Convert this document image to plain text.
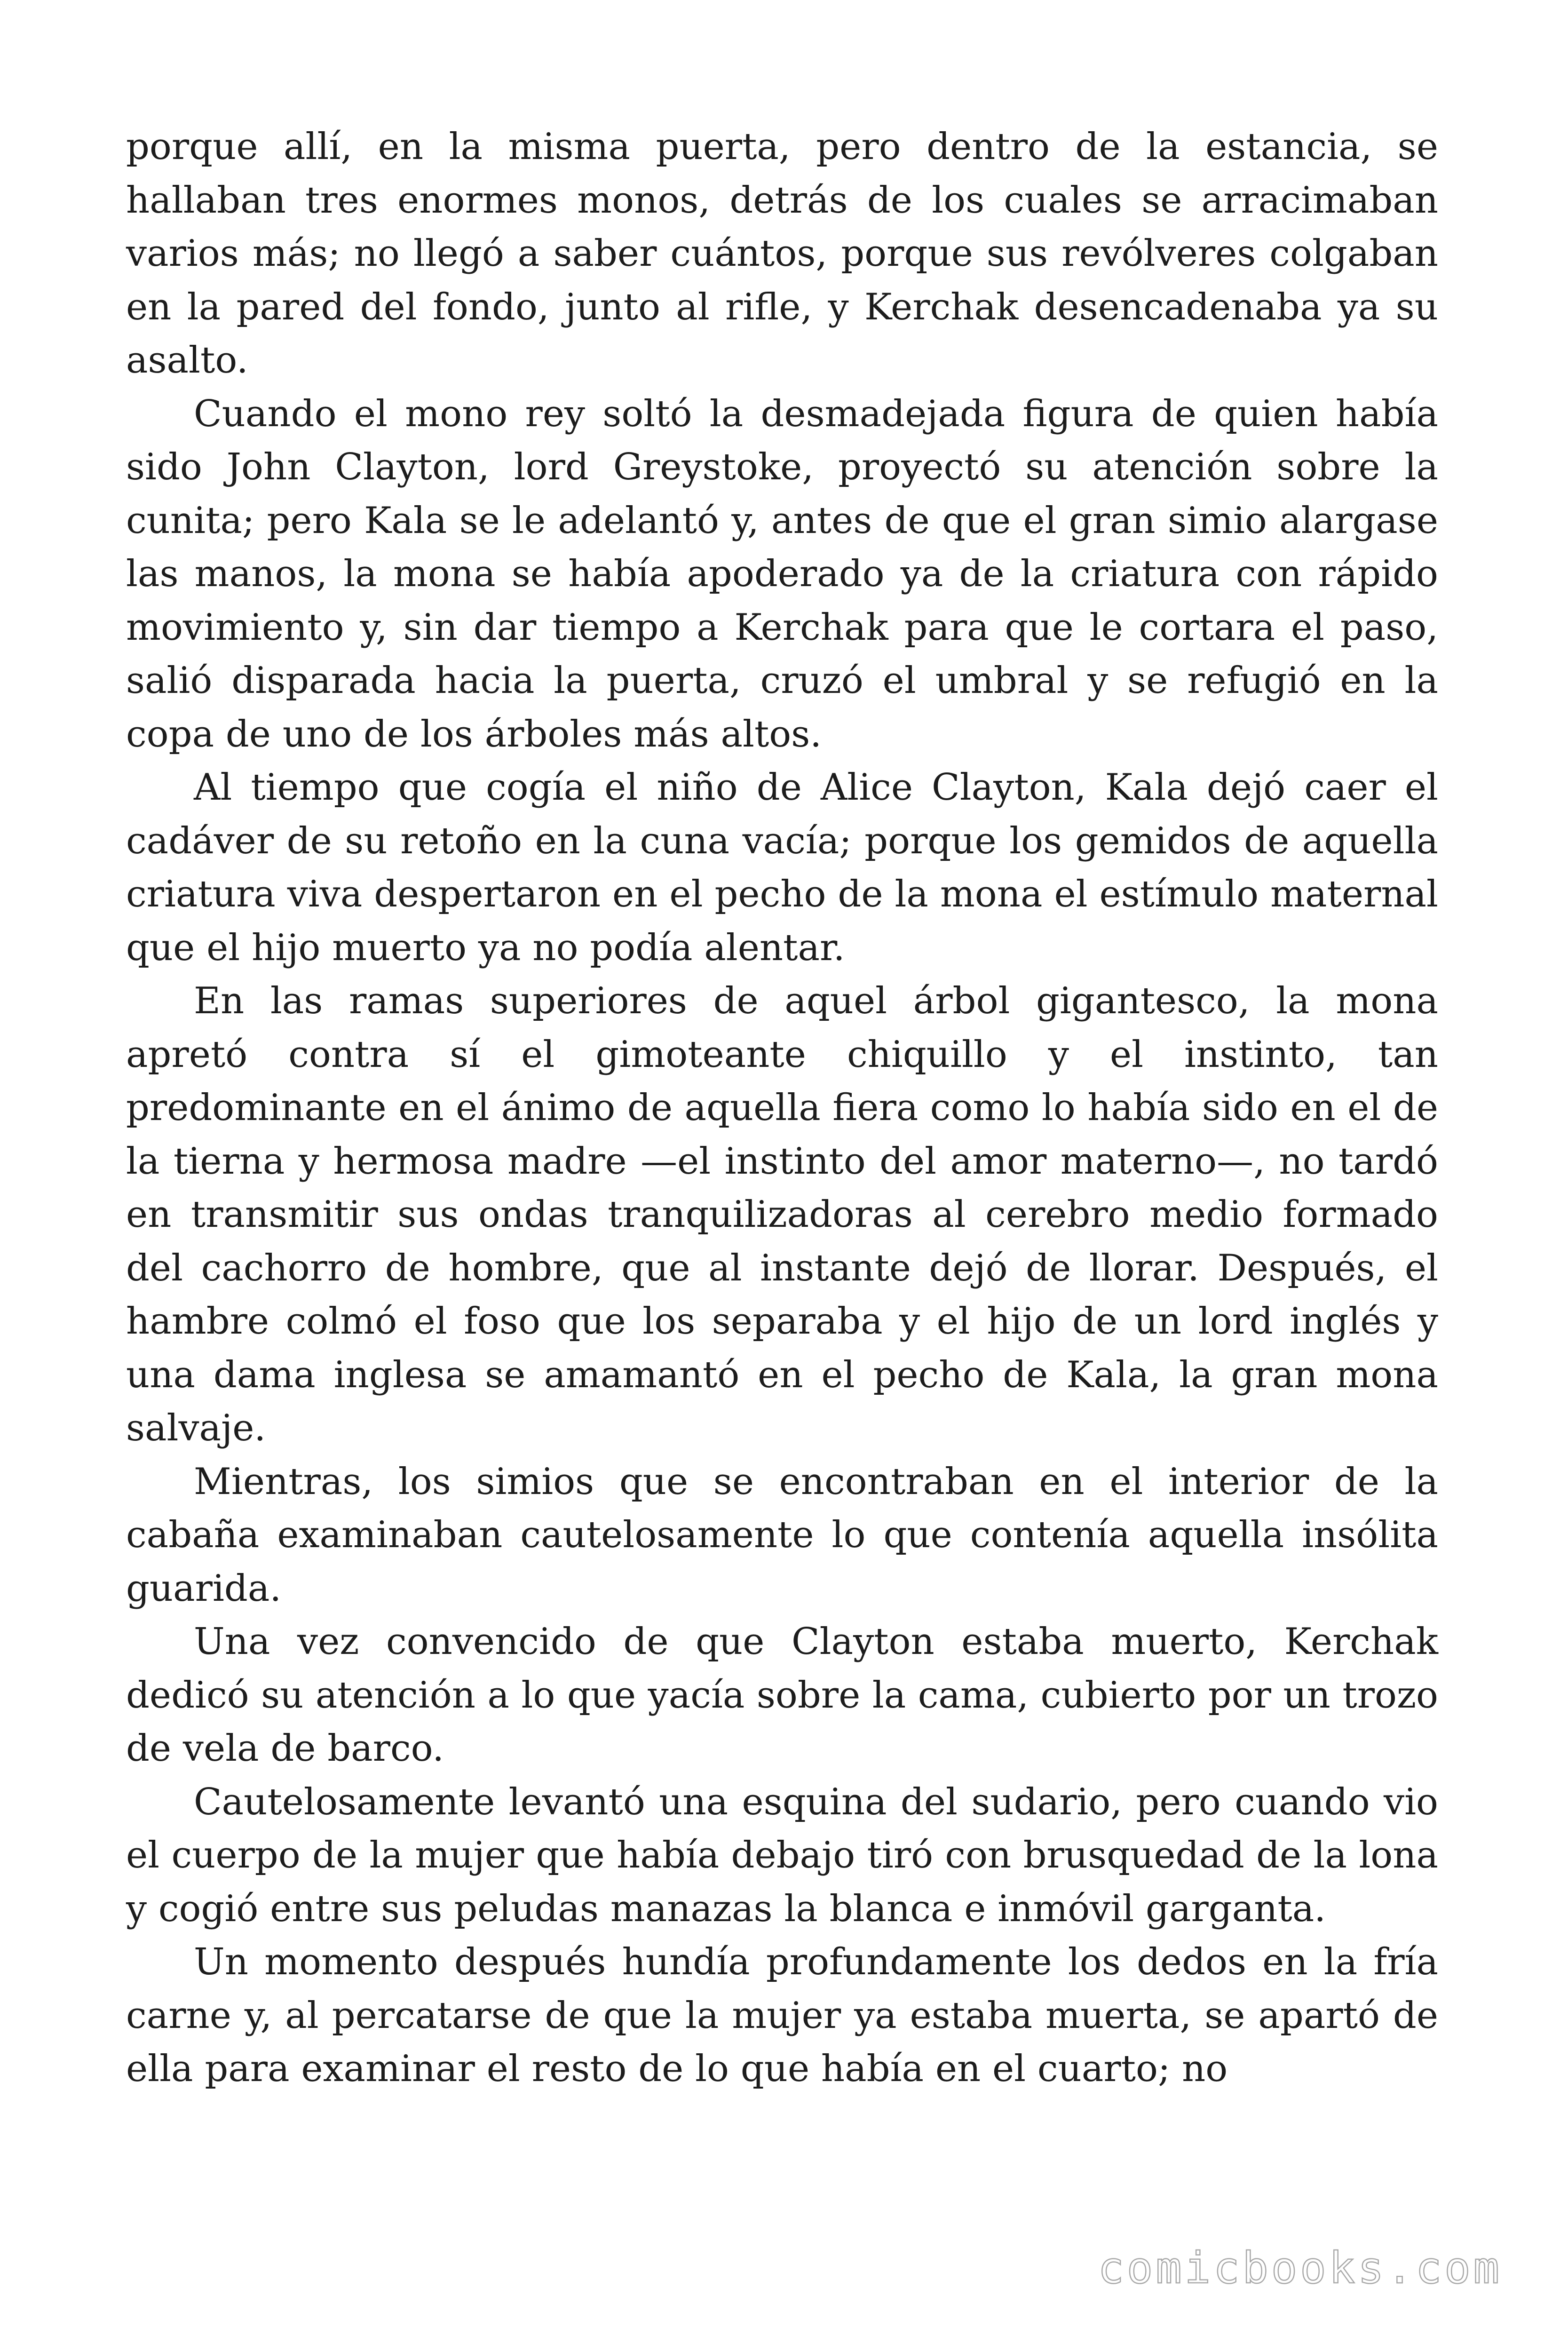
porque allí, en la misma puerta, pero dentro de la estancia, se hallaban tres enormes monos, detrás de los cuales se arracimaban varios más; no llegó a saber cuántos, porque sus revólveres colgaban en la pared del fondo, junto al rifle, y Kerchak desencadenaba ya su asalto.

Cuando el mono rey soltó la desmadejada figura de quien había sido John Clayton, lord Greystoke, proyectó su atención sobre la cunita; pero Kala se le adelantó y, antes de que el gran simio alargase las manos, la mona se había apoderado ya de la criatura con rápido movimiento y, sin dar tiempo a Kerchak para que le cortara el paso, salió disparada hacia la puerta, cruzó el umbral y se refugió en la copa de uno de los árboles más altos.

Al tiempo que cogía el niño de Alice Clayton, Kala dejó caer el cadáver de su retoño en la cuna vacía; porque los gemidos de aquella criatura viva despertaron en el pecho de la mona el estímulo maternal que el hijo muerto ya no podía alentar.

En las ramas superiores de aquel árbol gigantesco, la mona apretó contra sí el gimoteante chiquillo y el instinto, tan predominante en el ánimo de aquella fiera como lo había sido en el de la tierna y hermosa madre —el instinto del amor materno—, no tardó en transmitir sus ondas tranquilizadoras al cerebro medio formado del cachorro de hombre, que al instante dejó de llorar. Después, el hambre colmó el foso que los separaba y el hijo de un lord inglés y una dama inglesa se amamantó en el pecho de Kala, la gran mona salvaje.

Mientras, los simios que se encontraban en el interior de la cabaña examinaban cautelosamente lo que contenía aquella insólita guarida.

Una vez convencido de que Clayton estaba muerto, Kerchak dedicó su atención a lo que yacía sobre la cama, cubierto por un trozo de vela de barco.

Cautelosamente levantó una esquina del sudario, pero cuando vio el cuerpo de la mujer que había debajo tiró con brusquedad de la lona y cogió entre sus peludas manazas la blanca e inmóvil garganta.

Un momento después hundía profundamente los dedos en la fría carne y, al percatarse de que la mujer ya estaba muerta, se apartó de ella para examinar el resto de lo que había en el cuarto; no

comicbooks.com
